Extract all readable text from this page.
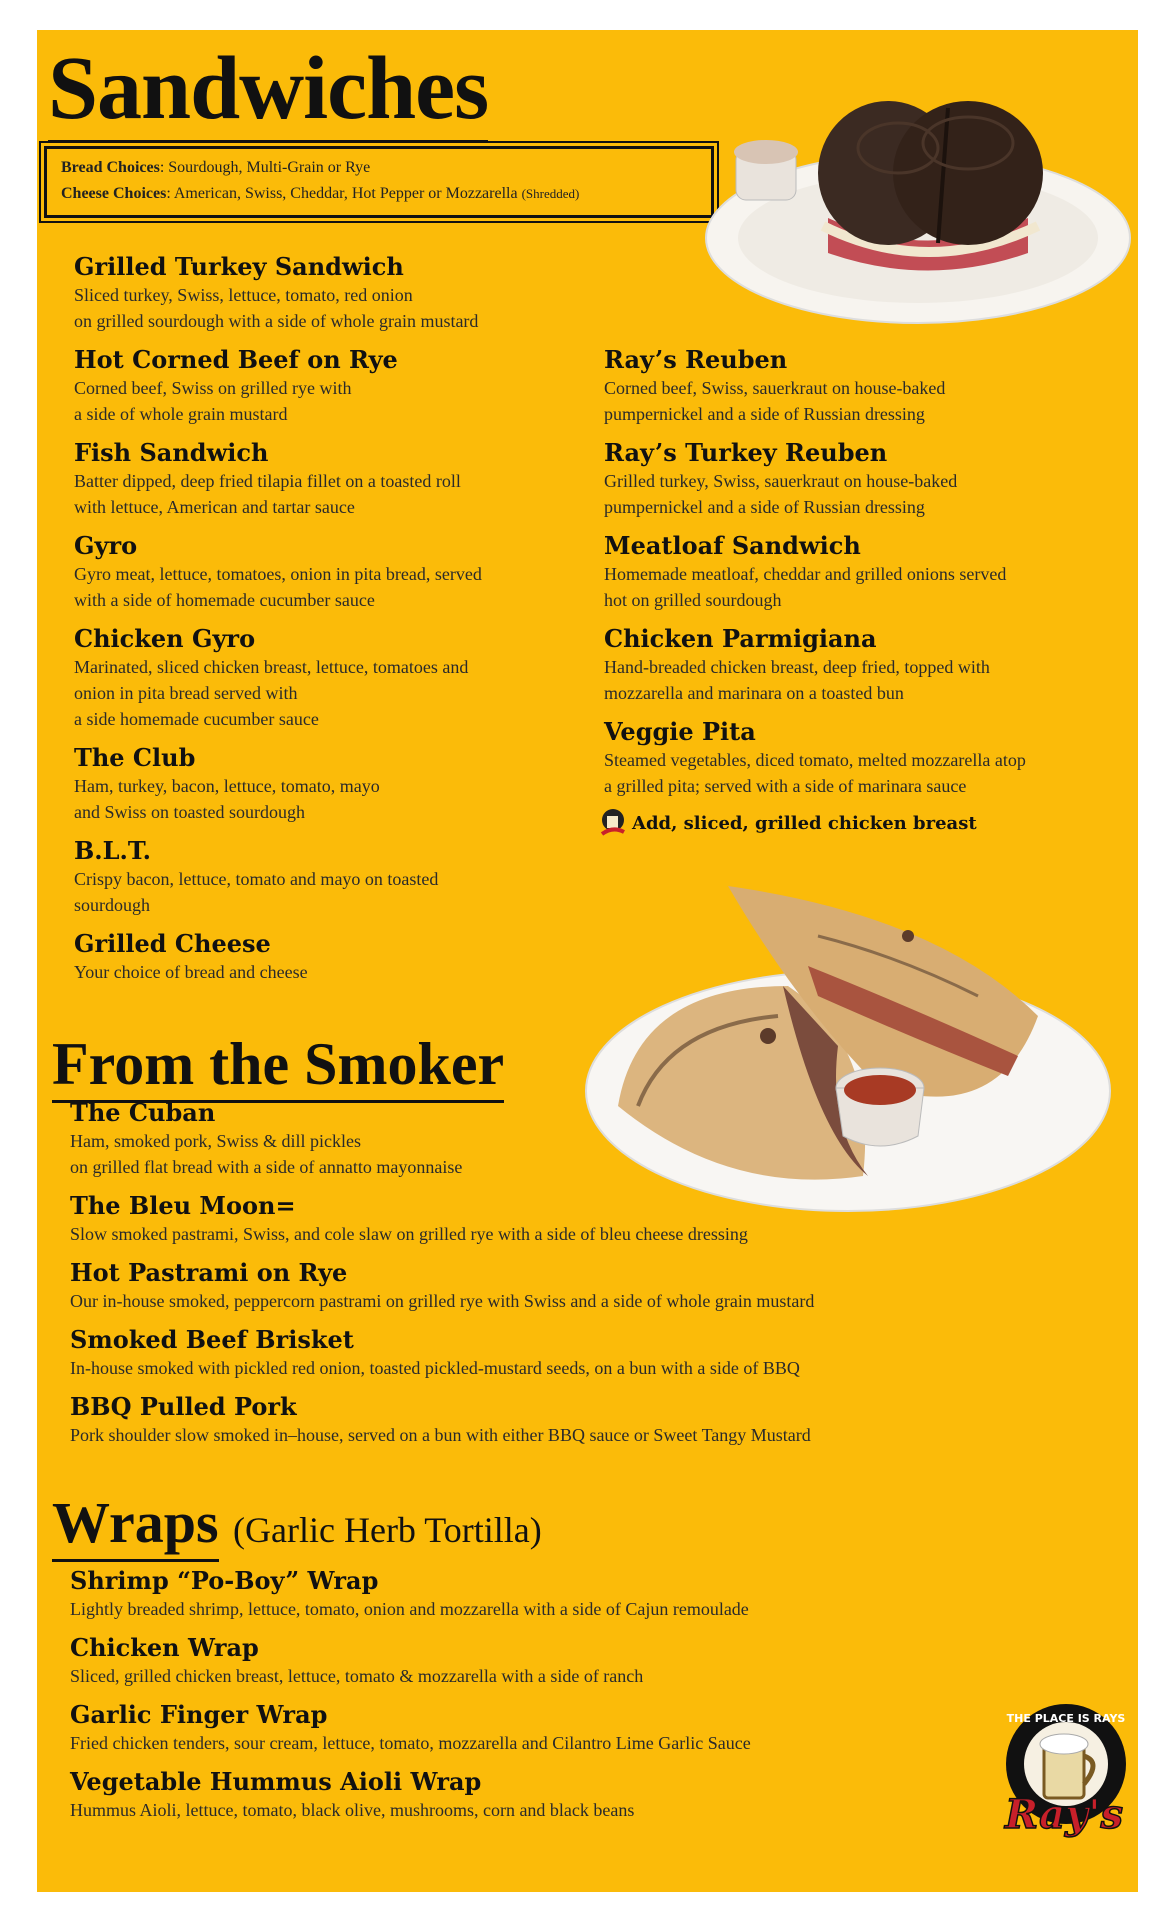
Sandwiches
Bread Choices: Sourdough, Multi-Grain or Rye
Cheese Choices: American, Swiss, Cheddar, Hot Pepper or Mozzarella (Shredded)
Grilled Turkey Sandwich
Sliced turkey, Swiss, lettuce, tomato, red onion
on grilled sourdough with a side of whole grain mustard
Hot Corned Beef on Rye
Corned beef, Swiss on grilled rye with
a side of whole grain mustard
Fish Sandwich
Batter dipped, deep fried tilapia fillet on a toasted roll
with lettuce, American and tartar sauce
Gyro
Gyro meat, lettuce, tomatoes, onion in pita bread, served
with a side of homemade cucumber sauce
Chicken Gyro
Marinated, sliced chicken breast, lettuce, tomatoes and
onion in pita bread served with
a side homemade cucumber sauce
The Club
Ham, turkey, bacon, lettuce, tomato, mayo
and Swiss on toasted sourdough
B.L.T.
Crispy bacon, lettuce, tomato and mayo on toasted
sourdough
Grilled Cheese
Your choice of bread and cheese
Ray’s Reuben
Corned beef, Swiss, sauerkraut on house-baked
pumpernickel and a side of Russian dressing
Ray’s Turkey Reuben
Grilled turkey, Swiss, sauerkraut on house-baked
pumpernickel and a side of Russian dressing
Meatloaf Sandwich
Homemade meatloaf, cheddar and grilled onions served
hot on grilled sourdough
Chicken Parmigiana
Hand-breaded chicken breast, deep fried, topped with
mozzarella and marinara on a toasted bun
Veggie Pita
Steamed vegetables, diced tomato, melted mozzarella atop
a grilled pita; served with a side of marinara sauce
Add, sliced, grilled chicken breast
From the Smoker
The Cuban
Ham, smoked pork, Swiss & dill pickles
on grilled flat bread with a side of annatto mayonnaise
The Bleu Moon=
Slow smoked pastrami, Swiss, and cole slaw on grilled rye with a side of bleu cheese dressing
Hot Pastrami on Rye
Our in-house smoked, peppercorn pastrami on grilled rye with Swiss and a side of whole grain mustard
Smoked Beef Brisket
In-house smoked with pickled red onion, toasted pickled-mustard seeds, on a bun with a side of BBQ
BBQ Pulled Pork
Pork shoulder slow smoked in–house, served on a bun with either BBQ sauce or Sweet Tangy Mustard
Wraps (Garlic Herb Tortilla)
Shrimp “Po-Boy” Wrap
Lightly breaded shrimp, lettuce, tomato, onion and mozzarella with a side of Cajun remoulade
Chicken Wrap
Sliced, grilled chicken breast, lettuce, tomato & mozzarella with a side of ranch
Garlic Finger Wrap
Fried chicken tenders, sour cream, lettuce, tomato, mozzarella and Cilantro Lime Garlic Sauce
Vegetable Hummus Aioli Wrap
Hummus Aioli, lettuce, tomato, black olive, mushrooms, corn and black beans
THE PLACE IS RAYS
Ray's
